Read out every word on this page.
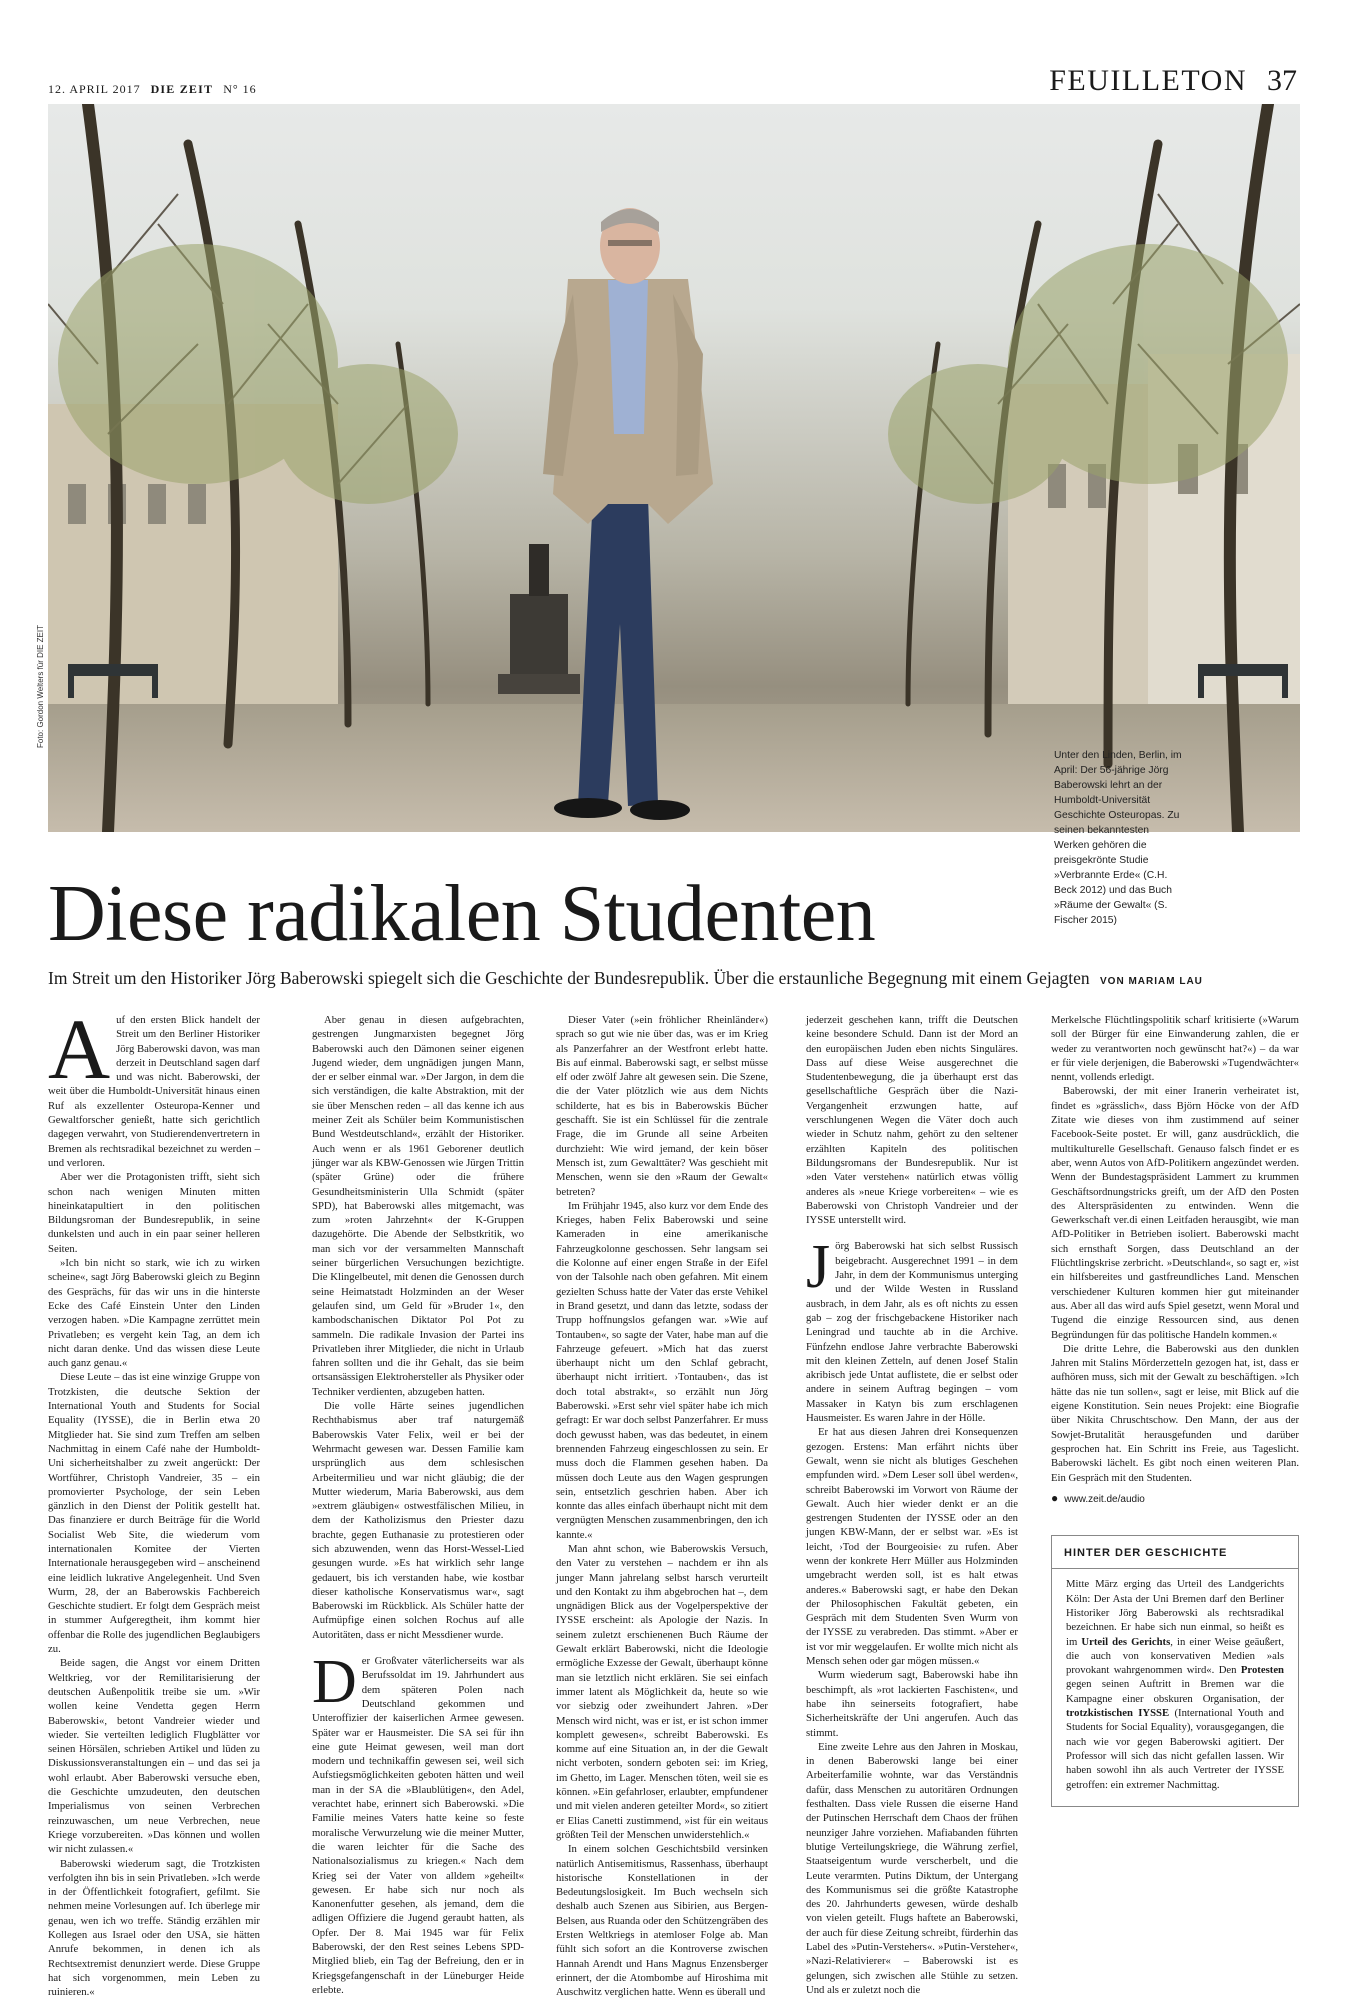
12. APRIL 2017 DIE ZEIT N° 16	FEUILLETON 37
Foto: Gordon Welters für DIE ZEIT
Unter den Linden, Berlin, im April: Der 56-jährige Jörg Baberowski lehrt an der Humboldt-Universität Geschichte Osteuropas. Zu seinen bekanntesten Werken gehören die preisgekrönte Studie »Verbrannte Erde« (C.H. Beck 2012) und das Buch »Räume der Gewalt« (S. Fischer 2015)
Diese radikalen Studenten
Im Streit um den Historiker Jörg Baberowski spiegelt sich die Geschichte der Bundesrepublik. Über die erstaunliche Begegnung mit einem Gejagten VON MARIAM LAU

Auf den ersten Blick handelt der Streit um den Berliner Historiker Jörg Baberowski davon, was man derzeit in Deutschland sagen darf und was nicht. Baberowski, der weit über die Humboldt-Universität hinaus einen Ruf als exzellenter Osteuropa-Kenner und Gewaltforscher genießt, hatte sich gerichtlich dagegen verwahrt, von Studierendenvertretern in Bremen als rechtsradikal bezeichnet zu werden – und verloren.

Aber wer die Protagonisten trifft, sieht sich schon nach wenigen Minuten mitten hineinkatapultiert in den politischen Bildungsroman der Bundesrepublik, in seine dunkelsten und auch in ein paar seiner helleren Seiten.

»Ich bin nicht so stark, wie ich zu wirken scheine«, sagt Jörg Baberowski gleich zu Beginn des Gesprächs, für das wir uns in die hinterste Ecke des Café Einstein Unter den Linden verzogen haben. »Die Kampagne zerrüttet mein Privatleben; es vergeht kein Tag, an dem ich nicht daran denke. Und das wissen diese Leute auch ganz genau.«

Diese Leute – das ist eine winzige Gruppe von Trotzkisten, die deutsche Sektion der International Youth and Students for Social Equality (IYSSE), die in Berlin etwa 20 Mitglieder hat. Sie sind zum Treffen am selben Nachmittag in einem Café nahe der Humboldt-Uni sicherheitshalber zu zweit angerückt: Der Wortführer, Christoph Vandreier, 35 – ein promovierter Psychologe, der sein Leben gänzlich in den Dienst der Politik gestellt hat. Das finanziere er durch Beiträge für die World Socialist Web Site, die wiederum vom internationalen Komitee der Vierten Internationale herausgegeben wird – anscheinend eine leidlich lukrative Angelegenheit. Und Sven Wurm, 28, der an Baberowskis Fachbereich Geschichte studiert. Er folgt dem Gespräch meist in stummer Aufgeregtheit, ihm kommt hier offenbar die Rolle des jugendlichen Beglaubigers zu.

Beide sagen, die Angst vor einem Dritten Weltkrieg, vor der Remilitarisierung der deutschen Außenpolitik treibe sie um. »Wir wollen keine Vendetta gegen Herrn Baberowski«, betont Vandreier wieder und wieder. Sie verteilten lediglich Flugblätter vor seinen Hörsälen, schrieben Artikel und lüden zu Diskussionsveranstaltungen ein – und das sei ja wohl erlaubt. Aber Baberowski versuche eben, die Geschichte umzudeuten, den deutschen Imperialismus von seinen Verbrechen reinzuwaschen, um neue Verbrechen, neue Kriege vorzubereiten. »Das können und wollen wir nicht zulassen.«

Baberowski wiederum sagt, die Trotzkisten verfolgten ihn bis in sein Privatleben. »Ich werde in der Öffentlichkeit fotografiert, gefilmt. Sie nehmen meine Vorlesungen auf. Ich überlege mir genau, wen ich wo treffe. Ständig erzählen mir Kollegen aus Israel oder den USA, sie hätten Anrufe bekommen, in denen ich als Rechtsextremist denunziert werde. Diese Gruppe hat sich vorgenommen, mein Leben zu ruinieren.«

Aber genau in diesen aufgebrachten, gestrengen Jungmarxisten begegnet Jörg Baberowski auch den Dämonen seiner eigenen Jugend wieder, dem ungnädigen jungen Mann, der er selber einmal war. »Der Jargon, in dem die sich verständigen, die kalte Abstraktion, mit der sie über Menschen reden – all das kenne ich aus meiner Zeit als Schüler beim Kommunistischen Bund Westdeutschland«, erzählt der Historiker. Auch wenn er als 1961 Geborener deutlich jünger war als KBW-Genossen wie Jürgen Trittin (später Grüne) oder die frühere Gesundheitsministerin Ulla Schmidt (später SPD), hat Baberowski alles mitgemacht, was zum »roten Jahrzehnt« der K-Gruppen dazugehörte. Die Abende der Selbstkritik, wo man sich vor der versammelten Mannschaft seiner bürgerlichen Versuchungen bezichtigte. Die Klingelbeutel, mit denen die Genossen durch seine Heimatstadt Holzminden an der Weser gelaufen sind, um Geld für »Bruder 1«, den kambodschanischen Diktator Pol Pot zu sammeln. Die radikale Invasion der Partei ins Privatleben ihrer Mitglieder, die nicht in Urlaub fahren sollten und die ihr Gehalt, das sie beim ortsansässigen Elektrohersteller als Physiker oder Techniker verdienten, abzugeben hatten.

Die volle Härte seines jugendlichen Rechthabismus aber traf naturgemäß Baberowskis Vater Felix, weil er bei der Wehrmacht gewesen war. Dessen Familie kam ursprünglich aus dem schlesischen Arbeitermilieu und war nicht gläubig; die der Mutter wiederum, Maria Baberowski, aus dem »extrem gläubigen« ostwestfälischen Milieu, in dem der Katholizismus den Priester dazu brachte, gegen Euthanasie zu protestieren oder sich abzuwenden, wenn das Horst-Wessel-Lied gesungen wurde. »Es hat wirklich sehr lange gedauert, bis ich verstanden habe, wie kostbar dieser katholische Konservatismus war«, sagt Baberowski im Rückblick. Als Schüler hatte der Aufmüpfige einen solchen Rochus auf alle Autoritäten, dass er nicht Messdiener wurde.

Der Großvater väterlicherseits war als Berufssoldat im 19. Jahrhundert aus dem späteren Polen nach Deutschland gekommen und Unteroffizier der kaiserlichen Armee gewesen. Später war er Hausmeister. Die SA sei für ihn eine gute Heimat gewesen, weil man dort modern und technikaffin gewesen sei, weil sich Aufstiegsmöglichkeiten geboten hätten und weil man in der SA die »Blaublütigen«, den Adel, verachtet habe, erinnert sich Baberowski. »Die Familie meines Vaters hatte keine so feste moralische Verwurzelung wie die meiner Mutter, die waren leichter für die Sache des Nationalsozialismus zu kriegen.« Nach dem Krieg sei der Vater von alldem »geheilt« gewesen. Er habe sich nur noch als Kanonenfutter gesehen, als jemand, dem die adligen Offiziere die Jugend geraubt hatten, als Opfer. Der 8. Mai 1945 war für Felix Baberowski, der den Rest seines Lebens SPD-Mitglied blieb, ein Tag der Befreiung, den er in Kriegsgefangenschaft in der Lüneburger Heide erlebte.

Dieser Vater (»ein fröhlicher Rheinländer«) sprach so gut wie nie über das, was er im Krieg als Panzerfahrer an der Westfront erlebt hatte. Bis auf einmal. Baberowski sagt, er selbst müsse elf oder zwölf Jahre alt gewesen sein. Die Szene, die der Vater plötzlich wie aus dem Nichts schilderte, hat es bis in Baberowskis Bücher geschafft. Sie ist ein Schlüssel für die zentrale Frage, die im Grunde all seine Arbeiten durchzieht: Wie wird jemand, der kein böser Mensch ist, zum Gewalttäter? Was geschieht mit Menschen, wenn sie den »Raum der Gewalt« betreten?

Im Frühjahr 1945, also kurz vor dem Ende des Krieges, haben Felix Baberowski und seine Kameraden in eine amerikanische Fahrzeugkolonne geschossen. Sehr langsam sei die Kolonne auf einer engen Straße in der Eifel von der Talsohle nach oben gefahren. Mit einem gezielten Schuss hatte der Vater das erste Vehikel in Brand gesetzt, und dann das letzte, sodass der Trupp hoffnungslos gefangen war. »Wie auf Tontauben«, so sagte der Vater, habe man auf die Fahrzeuge gefeuert. »Mich hat das zuerst überhaupt nicht um den Schlaf gebracht, überhaupt nicht irritiert. ›Tontauben‹, das ist doch total abstrakt«, so erzählt nun Jörg Baberowski. »Erst sehr viel später habe ich mich gefragt: Er war doch selbst Panzerfahrer. Er muss doch gewusst haben, was das bedeutet, in einem brennenden Fahrzeug eingeschlossen zu sein. Er muss doch die Flammen gesehen haben. Da müssen doch Leute aus den Wagen gesprungen sein, entsetzlich geschrien haben. Aber ich konnte das alles einfach überhaupt nicht mit dem vergnügten Menschen zusammenbringen, den ich kannte.«

Man ahnt schon, wie Baberowskis Versuch, den Vater zu verstehen – nachdem er ihn als junger Mann jahrelang selbst harsch verurteilt und den Kontakt zu ihm abgebrochen hat –, dem ungnädigen Blick aus der Vogelperspektive der IYSSE erscheint: als Apologie der Nazis. In seinem zuletzt erschienenen Buch Räume der Gewalt erklärt Baberowski, nicht die Ideologie ermögliche Exzesse der Gewalt, überhaupt könne man sie letztlich nicht erklären. Sie sei einfach immer latent als Möglichkeit da, heute so wie vor siebzig oder zweihundert Jahren. »Der Mensch wird nicht, was er ist, er ist schon immer komplett gewesen«, schreibt Baberowski. Es komme auf eine Situation an, in der die Gewalt nicht verboten, sondern geboten sei: im Krieg, im Ghetto, im Lager. Menschen töten, weil sie es können. »Ein gefahrloser, erlaubter, empfundener und mit vielen anderen geteilter Mord«, so zitiert er Elias Canetti zustimmend, »ist für ein weitaus größten Teil der Menschen unwiderstehlich.«

In einem solchen Geschichtsbild versinken natürlich Antisemitismus, Rassenhass, überhaupt historische Konstellationen in der Bedeutungslosigkeit. Im Buch wechseln sich deshalb auch Szenen aus Sibirien, aus Bergen-Belsen, aus Ruanda oder den Schützengräben des Ersten Weltkriegs in atemloser Folge ab. Man fühlt sich sofort an die Kontroverse zwischen Hannah Arendt und Hans Magnus Enzensberger erinnert, der die Atombombe auf Hiroshima mit Auschwitz verglichen hatte. Wenn es überall und

jederzeit geschehen kann, trifft die Deutschen keine besondere Schuld. Dann ist der Mord an den europäischen Juden eben nichts Singuläres. Dass auf diese Weise ausgerechnet die Studentenbewegung, die ja überhaupt erst das gesellschaftliche Gespräch über die Nazi-Vergangenheit erzwungen hatte, auf verschlungenen Wegen die Väter doch auch wieder in Schutz nahm, gehört zu den seltener erzählten Kapiteln des politischen Bildungsromans der Bundesrepublik. Nur ist »den Vater verstehen« natürlich etwas völlig anderes als »neue Kriege vorbereiten« – wie es Baberowski von Christoph Vandreier und der IYSSE unterstellt wird.

Jörg Baberowski hat sich selbst Russisch beigebracht. Ausgerechnet 1991 – in dem Jahr, in dem der Kommunismus unterging und der Wilde Westen in Russland ausbrach, in dem Jahr, als es oft nichts zu essen gab – zog der frischgebackene Historiker nach Leningrad und tauchte ab in die Archive. Fünfzehn endlose Jahre verbrachte Baberowski mit den kleinen Zetteln, auf denen Josef Stalin akribisch jede Untat auflistete, die er selbst oder andere in seinem Auftrag begingen – vom Massaker in Katyn bis zum erschlagenen Hausmeister. Es waren Jahre in der Hölle.

Er hat aus diesen Jahren drei Konsequenzen gezogen. Erstens: Man erfährt nichts über Gewalt, wenn sie nicht als blutiges Geschehen empfunden wird. »Dem Leser soll übel werden«, schreibt Baberowski im Vorwort von Räume der Gewalt. Auch hier wieder denkt er an die gestrengen Studenten der IYSSE oder an den jungen KBW-Mann, der er selbst war. »Es ist leicht, ›Tod der Bourgeoisie‹ zu rufen. Aber wenn der konkrete Herr Müller aus Holzminden umgebracht werden soll, ist es halt etwas anderes.« Baberowski sagt, er habe den Dekan der Philosophischen Fakultät gebeten, ein Gespräch mit dem Studenten Sven Wurm von der IYSSE zu verabreden. Das stimmt. »Aber er ist vor mir weggelaufen. Er wollte mich nicht als Mensch sehen oder gar mögen müssen.«

Wurm wiederum sagt, Baberowski habe ihn beschimpft, als »rot lackierten Faschisten«, und habe ihn seinerseits fotografiert, habe Sicherheitskräfte der Uni angerufen. Auch das stimmt.

Eine zweite Lehre aus den Jahren in Moskau, in denen Baberowski lange bei einer Arbeiterfamilie wohnte, war das Verständnis dafür, dass Menschen zu autoritären Ordnungen festhalten. Dass viele Russen die eiserne Hand der Putinschen Herrschaft dem Chaos der frühen neunziger Jahre vorziehen. Mafiabanden führten blutige Verteilungskriege, die Währung zerfiel, Staatseigentum wurde verscherbelt, und die Leute verarmten. Putins Diktum, der Untergang des Kommunismus sei die größte Katastrophe des 20. Jahrhunderts gewesen, würde deshalb von vielen geteilt. Flugs haftete an Baberowski, der auch für diese Zeitung schreibt, fürderhin das Label des »Putin-Verstehers«. »Putin-Versteher«, »Nazi-Relativierer« – Baberowski ist es gelungen, sich zwischen alle Stühle zu setzen. Und als er zuletzt noch die

Merkelsche Flüchtlingspolitik scharf kritisierte (»Warum soll der Bürger für eine Einwanderung zahlen, die er weder zu verantworten noch gewünscht hat?«) – da war er für viele derjenigen, die Baberowski »Tugendwächter« nennt, vollends erledigt.

Baberowski, der mit einer Iranerin verheiratet ist, findet es »grässlich«, dass Björn Höcke von der AfD Zitate wie dieses von ihm zustimmend auf seiner Facebook-Seite postet. Er will, ganz ausdrücklich, die multikulturelle Gesellschaft. Genauso falsch findet er es aber, wenn Autos von AfD-Politikern angezündet werden. Wenn der Bundestagspräsident Lammert zu krummen Geschäftsordnungstricks greift, um der AfD den Posten des Alterspräsidenten zu entwinden. Wenn die Gewerkschaft ver.di einen Leitfaden herausgibt, wie man AfD-Politiker in Betrieben isoliert. Baberowski macht sich ernsthaft Sorgen, dass Deutschland an der Flüchtlingskrise zerbricht. »Deutschland«, so sagt er, »ist ein hilfsbereites und gastfreundliches Land. Menschen verschiedener Kulturen kommen hier gut miteinander aus. Aber all das wird aufs Spiel gesetzt, wenn Moral und Tugend die einzige Ressourcen sind, aus denen Begründungen für das politische Handeln kommen.«

Die dritte Lehre, die Baberowski aus den dunklen Jahren mit Stalins Mörderzetteln gezogen hat, ist, dass er aufhören muss, sich mit der Gewalt zu beschäftigen. »Ich hätte das nie tun sollen«, sagt er leise, mit Blick auf die eigene Konstitution. Sein neues Projekt: eine Biografie über Nikita Chruschtschow. Den Mann, der aus der Sowjet-Brutalität herausgefunden und darüber gesprochen hat. Ein Schritt ins Freie, aus Tageslicht. Baberowski lächelt. Es gibt noch einen weiteren Plan. Ein Gespräch mit den Studenten.

● www.zeit.de/audio
HINTER DER GESCHICHTE
Mitte März erging das Urteil des Landgerichts Köln: Der Asta der Uni Bremen darf den Berliner Historiker Jörg Baberowski als rechtsradikal bezeichnen. Er habe sich nun einmal, so heißt es im Urteil des Gerichts, in einer Weise geäußert, die auch von konservativen Medien »als provokant wahrgenommen wird«. Den Protesten gegen seinen Auftritt in Bremen war die Kampagne einer obskuren Organisation, der trotzkistischen IYSSE (International Youth and Students for Social Equality), vorausgegangen, die nach wie vor gegen Baberowski agitiert. Der Professor will sich das nicht gefallen lassen. Wir haben sowohl ihn als auch Vertreter der IYSSE getroffen: ein extremer Nachmittag.
